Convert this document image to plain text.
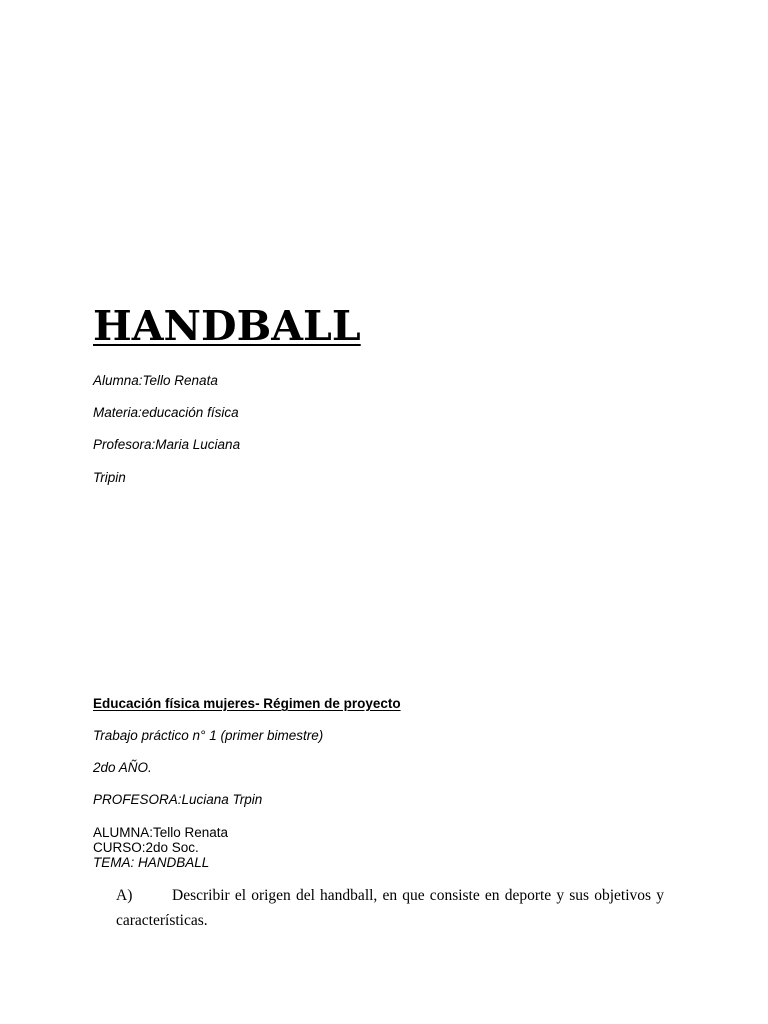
HANDBALL

Alumna:Tello Renata

Materia:educación física

Profesora:Maria Luciana

Tripin

Educación física mujeres- Régimen de proyecto

Trabajo práctico n° 1 (primer bimestre)

2do AÑO.

PROFESORA:Luciana Trpin

ALUMNA:Tello Renata

CURSO:2do Soc.

TEMA: HANDBALL

A)	Describir el origen del handball, en que consiste en deporte y sus objetivos y características.
